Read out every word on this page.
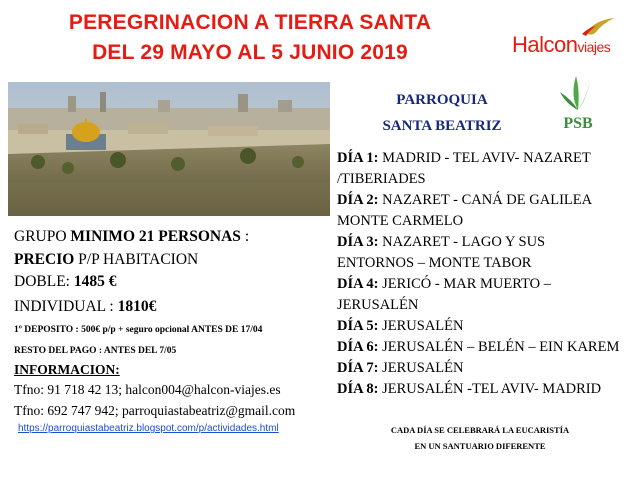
PEREGRINACION A TIERRA SANTA
DEL 29 MAYO AL 5 JUNIO 2019	Halconviajes
PARROQUIA
SANTA BEATRIZ	PSB
DÍA 1: MADRID - TEL AVIV- NAZARET
/TIBERIADES
DÍA 2: NAZARET - CANÁ DE GALILEA
MONTE CARMELO
DÍA 3: NAZARET - LAGO Y SUS
ENTORNOS – MONTE TABOR
DÍA 4: JERICÓ - MAR MUERTO –
JERUSALÉN
DÍA 5: JERUSALÉN
DÍA 6: JERUSALÉN – BELÉN – EIN KAREM
DÍA 7: JERUSALÉN
DÍA 8: JERUSALÉN -TEL AVIV- MADRID
GRUPO MINIMO 21 PERSONAS :
PRECIO P/P HABITACION
DOBLE: 1485 €
INDIVIDUAL : 1810€
1º DEPOSITO : 500€ p/p + seguro opcional ANTES DE 17/04
RESTO DEL PAGO : ANTES DEL 7/05
INFORMACION:
Tfno: 91 718 42 13; halcon004@halcon-viajes.es
Tfno: 692 747 942; parroquiastabeatriz@gmail.com
https://parroquiastabeatriz.blogspot.com/p/actividades.html	CADA DÍA SE CELEBRARÁ LA EUCARISTÍA
EN UN SANTUARIO DIFERENTE
